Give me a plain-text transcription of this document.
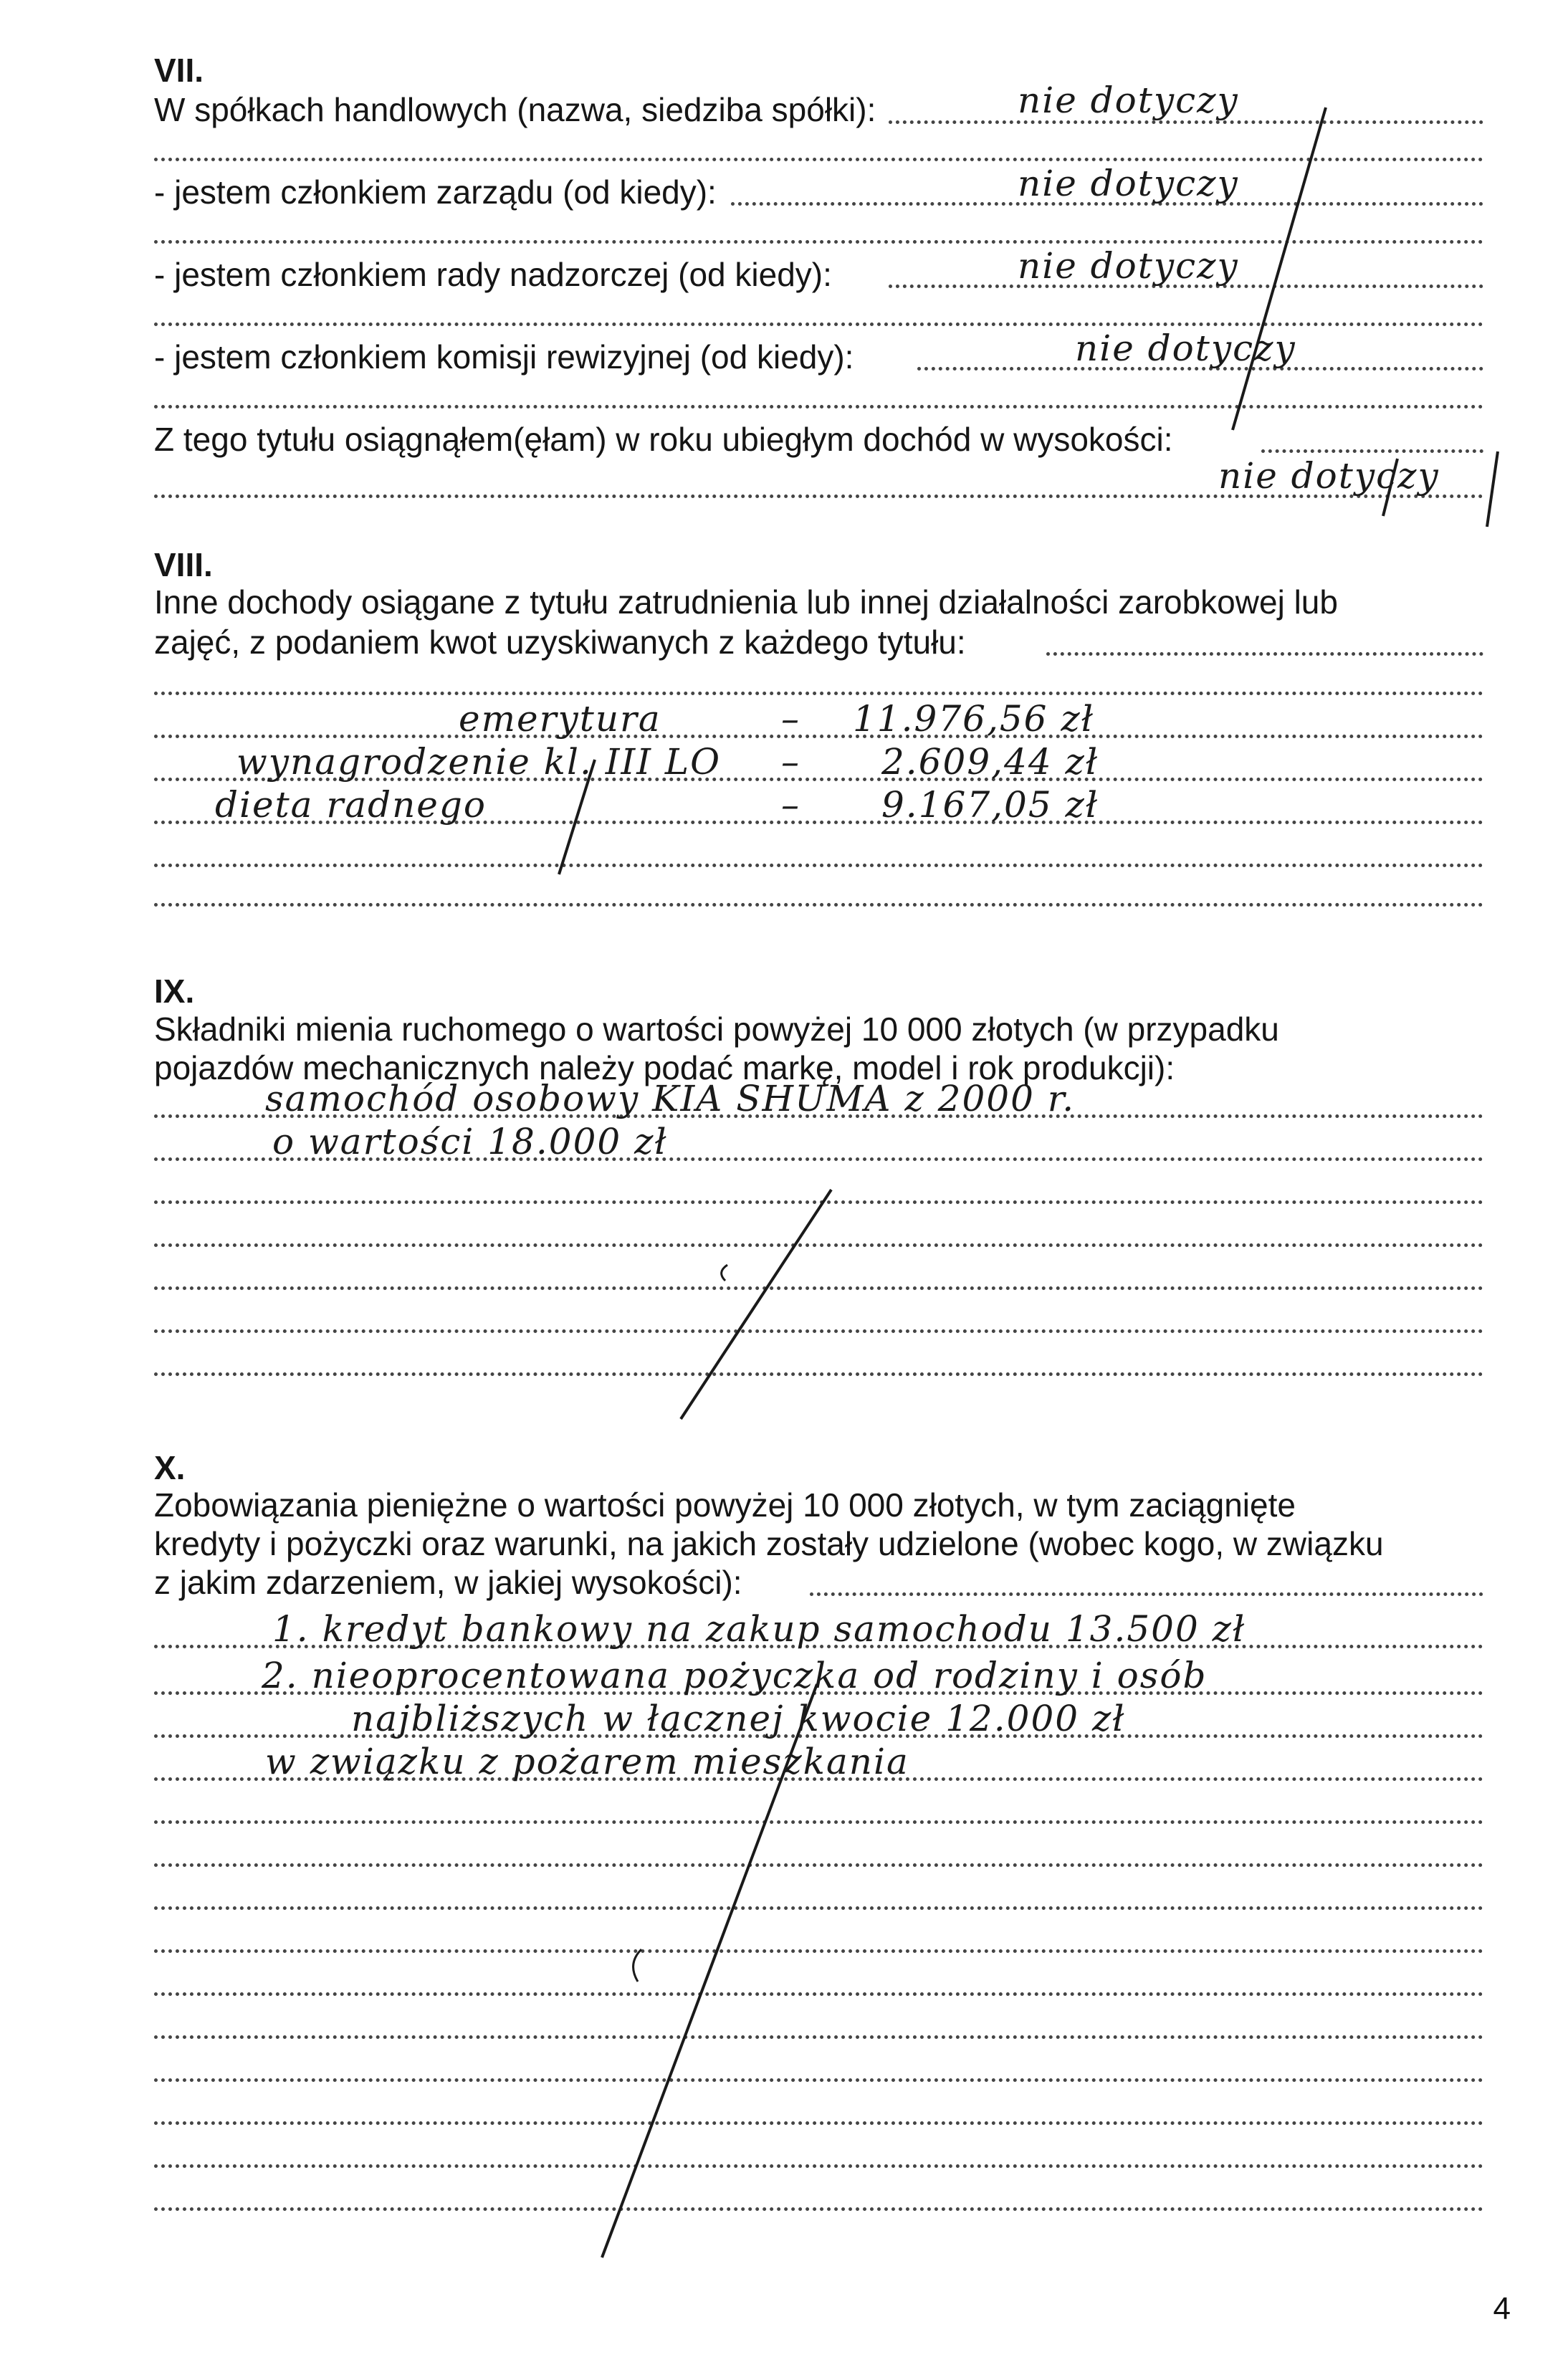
VII.
W spółkach handlowych (nazwa, siedziba spółki):	nie dotyczy
- jestem członkiem zarządu (od kiedy):	nie dotyczy
- jestem członkiem rady nadzorczej (od kiedy):	nie dotyczy
- jestem członkiem komisji rewizyjnej (od kiedy):	nie dotyczy
Z tego tytułu osiągnąłem(ęłam) w roku ubiegłym dochód w wysokości:
nie dotyczy
VIII.
Inne dochody osiągane z tytułu zatrudnienia lub innej działalności zarobkowej lub
zajęć, z podaniem kwot uzyskiwanych z każdego tytułu:
emerytura	– 11.976,56 zł
wynagrodzenie kl. III LO – 2.609,44 zł
dieta radnego	– 9.167,05 zł
IX.
Składniki mienia ruchomego o wartości powyżej 10 000 złotych (w przypadku
pojazdów mechanicznych należy podać markę, model i rok produkcji):
samochód osobowy KIA SHUMA z 2000 r.
o wartości 18.000 zł
X.
Zobowiązania pieniężne o wartości powyżej 10 000 złotych, w tym zaciągnięte
kredyty i pożyczki oraz warunki, na jakich zostały udzielone (wobec kogo, w związku
z jakim zdarzeniem, w jakiej wysokości):
1. kredyt bankowy na zakup samochodu 13.500 zł
2. nieoprocentowana pożyczka od rodziny i osób
najbliższych w łącznej kwocie 12.000 zł
w związku z pożarem mieszkania
4
